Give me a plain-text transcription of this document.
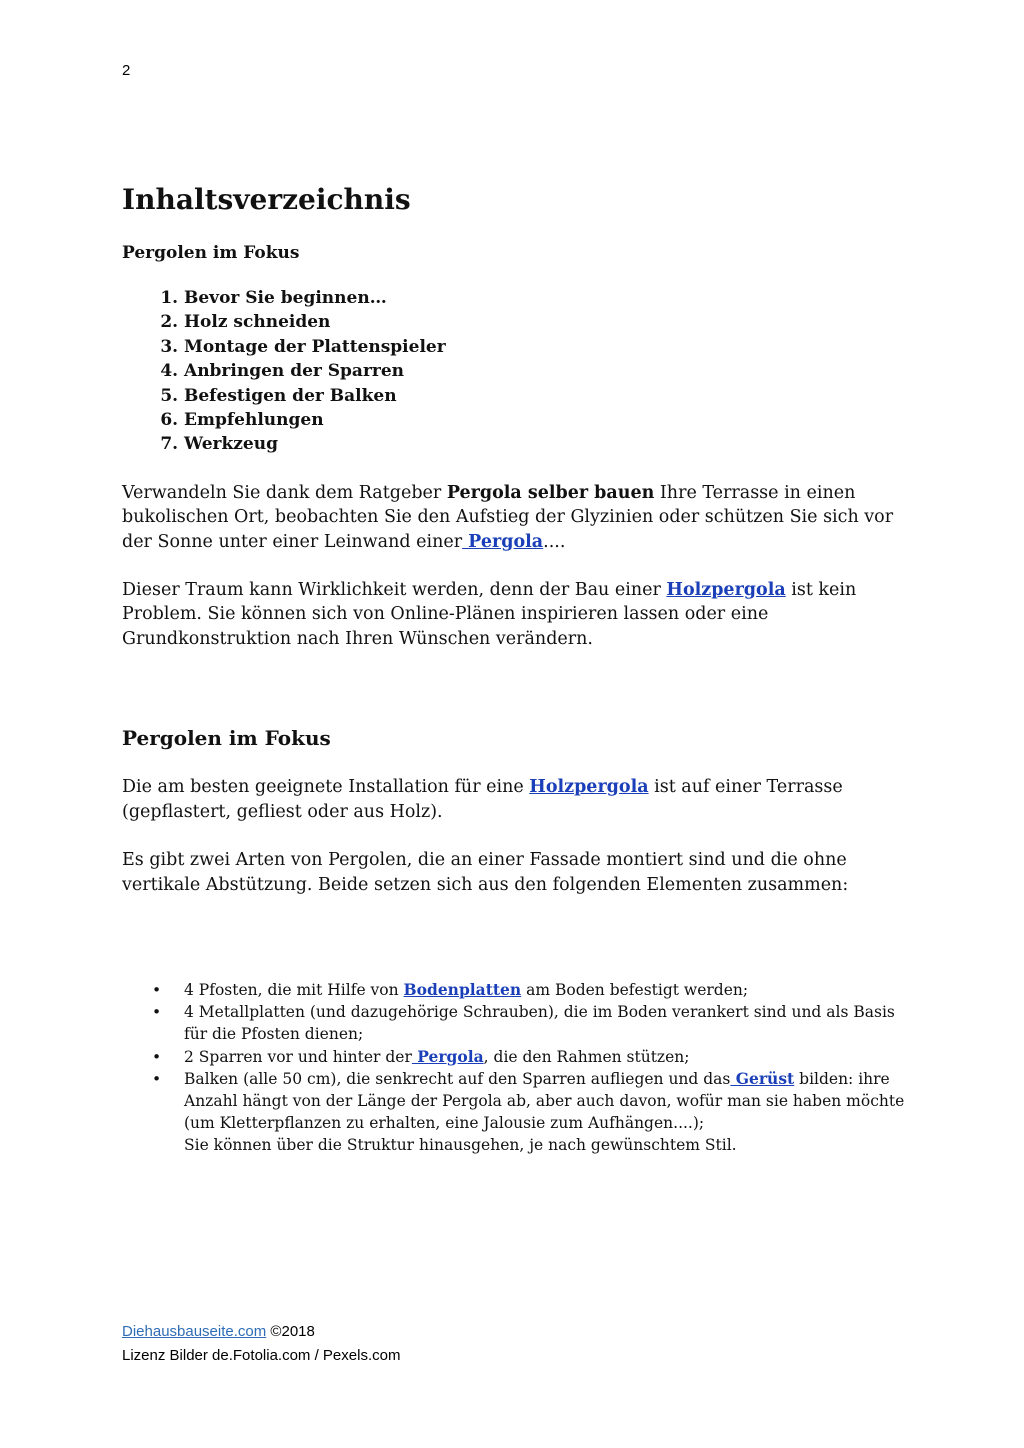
2
Inhaltsverzeichnis
Pergolen im Fokus
1. Bevor Sie beginnen…
2. Holz schneiden
3. Montage der Plattenspieler
4. Anbringen der Sparren
5. Befestigen der Balken
6. Empfehlungen
7. Werkzeug

Verwandeln Sie dank dem Ratgeber Pergola selber bauen Ihre Terrasse in einen bukolischen Ort, beobachten Sie den Aufstieg der Glyzinien oder schützen Sie sich vor der Sonne unter einer Leinwand einer Pergola....

Dieser Traum kann Wirklichkeit werden, denn der Bau einer Holzpergola ist kein Problem. Sie können sich von Online-Plänen inspirieren lassen oder eine Grundkonstruktion nach Ihren Wünschen verändern.

Pergolen im Fokus

Die am besten geeignete Installation für eine Holzpergola ist auf einer Terrasse (gepflastert, gefliest oder aus Holz).

Es gibt zwei Arten von Pergolen, die an einer Fassade montiert sind und die ohne vertikale Abstützung. Beide setzen sich aus den folgenden Elementen zusammen:

• 4 Pfosten, die mit Hilfe von Bodenplatten am Boden befestigt werden;
• 4 Metallplatten (und dazugehörige Schrauben), die im Boden verankert sind und als Basis für die Pfosten dienen;
• 2 Sparren vor und hinter der Pergola, die den Rahmen stützen;
• Balken (alle 50 cm), die senkrecht auf den Sparren aufliegen und das Gerüst bilden: ihre Anzahl hängt von der Länge der Pergola ab, aber auch davon, wofür man sie haben möchte (um Kletterpflanzen zu erhalten, eine Jalousie zum Aufhängen....);
Sie können über die Struktur hinausgehen, je nach gewünschtem Stil.
Diehausbauseite.com ©2018
Lizenz Bilder de.Fotolia.com / Pexels.com
